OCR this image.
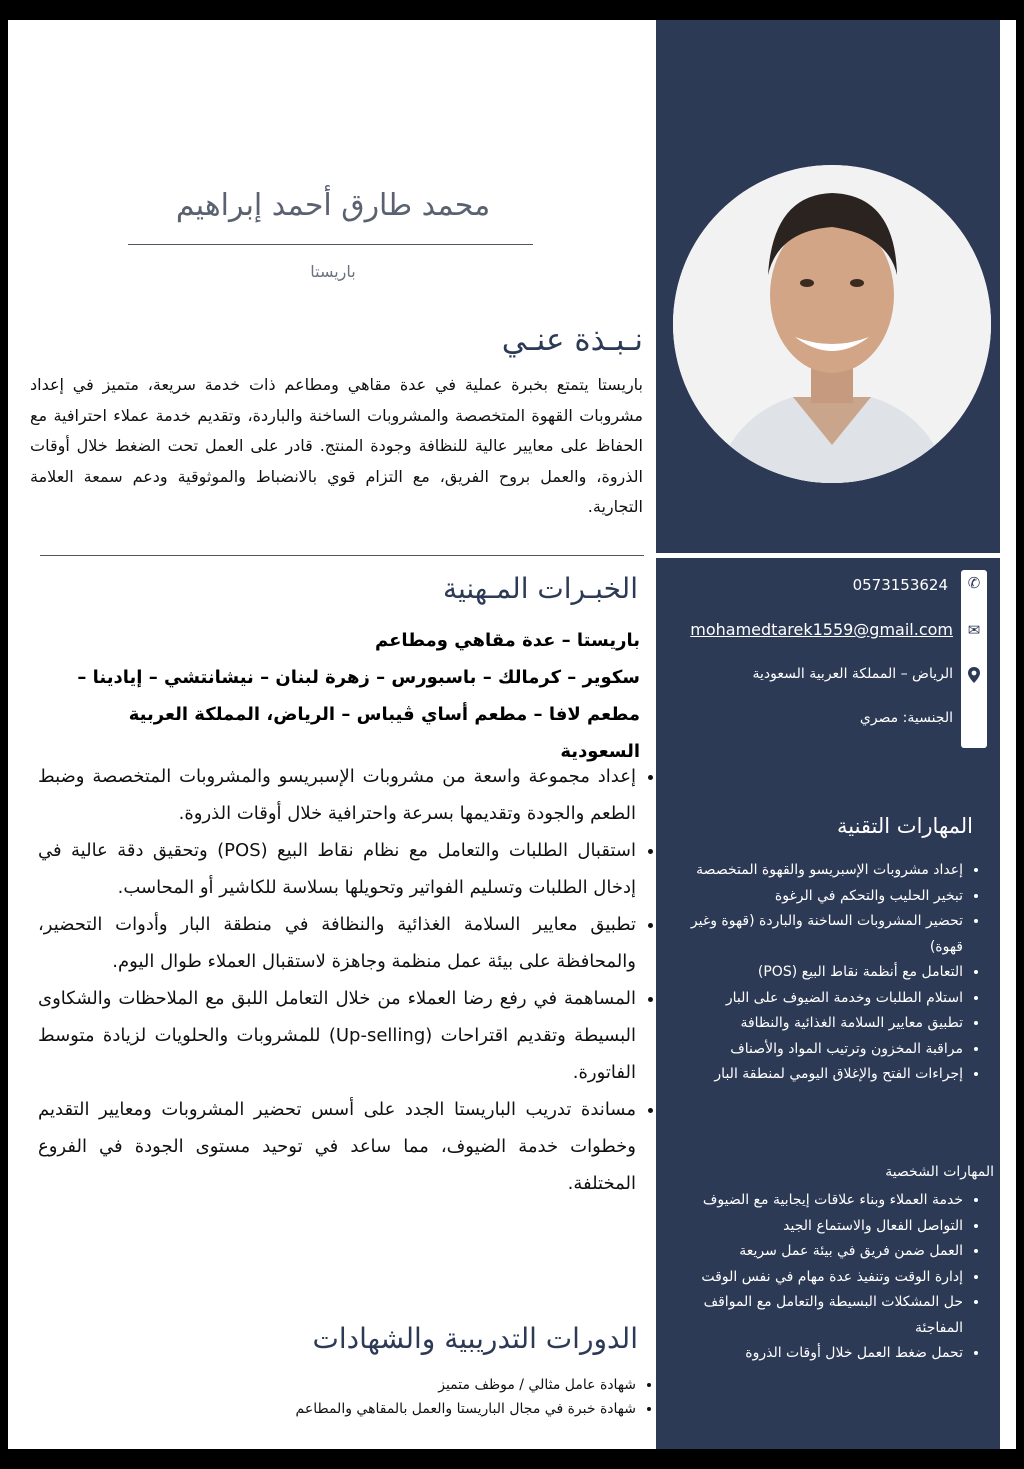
✆
✉
0573153624
mohamedtarek1559@gmail.com
الرياض – المملكة العربية السعودية
الجنسية: مصري
المهارات التقنية
• إعداد مشروبات الإسبريسو والقهوة المتخصصة
• تبخير الحليب والتحكم في الرغوة
• تحضير المشروبات الساخنة والباردة (قهوة وغير قهوة)
• التعامل مع أنظمة نقاط البيع (POS)
• استلام الطلبات وخدمة الضيوف على البار
• تطبيق معايير السلامة الغذائية والنظافة
• مراقبة المخزون وترتيب المواد والأصناف
• إجراءات الفتح والإغلاق اليومي لمنطقة البار
المهارات الشخصية
• خدمة العملاء وبناء علاقات إيجابية مع الضيوف
• التواصل الفعال والاستماع الجيد
• العمل ضمن فريق في بيئة عمل سريعة
• إدارة الوقت وتنفيذ عدة مهام في نفس الوقت
• حل المشكلات البسيطة والتعامل مع المواقف المفاجئة
• تحمل ضغط العمل خلال أوقات الذروة
محمد طارق أحمد إبراهيم
باريستا
نـبـذة عنـي
باريستا يتمتع بخبرة عملية في عدة مقاهي ومطاعم ذات خدمة سريعة، متميز في إعداد مشروبات القهوة المتخصصة والمشروبات الساخنة والباردة، وتقديم خدمة عملاء احترافية مع الحفاظ على معايير عالية للنظافة وجودة المنتج. قادر على العمل تحت الضغط خلال أوقات الذروة، والعمل بروح الفريق، مع التزام قوي بالانضباط والموثوقية ودعم سمعة العلامة التجارية.
الخبـرات المـهنية
باريستا – عدة مقاهي ومطاعم
سكوير – كرمالك – باسبورس – زهرة لبنان – نيشانتشي – إيادينا – مطعم لافا – مطعم أساي ڤيباس – الرياض، المملكة العربية السعودية
• إعداد مجموعة واسعة من مشروبات الإسبريسو والمشروبات المتخصصة وضبط الطعم والجودة وتقديمها بسرعة واحترافية خلال أوقات الذروة.
• استقبال الطلبات والتعامل مع نظام نقاط البيع (POS) وتحقيق دقة عالية في إدخال الطلبات وتسليم الفواتير وتحويلها بسلاسة للكاشير أو المحاسب.
• تطبيق معايير السلامة الغذائية والنظافة في منطقة البار وأدوات التحضير، والمحافظة على بيئة عمل منظمة وجاهزة لاستقبال العملاء طوال اليوم.
• المساهمة في رفع رضا العملاء من خلال التعامل اللبق مع الملاحظات والشكاوى البسيطة وتقديم اقتراحات (Up-selling) للمشروبات والحلويات لزيادة متوسط الفاتورة.
• مساندة تدريب الباريستا الجدد على أسس تحضير المشروبات ومعايير التقديم وخطوات خدمة الضيوف، مما ساعد في توحيد مستوى الجودة في الفروع المختلفة.
الدورات التدريبية والشهادات
• شهادة عامل مثالي / موظف متميز
• شهادة خبرة في مجال الباريستا والعمل بالمقاهي والمطاعم
